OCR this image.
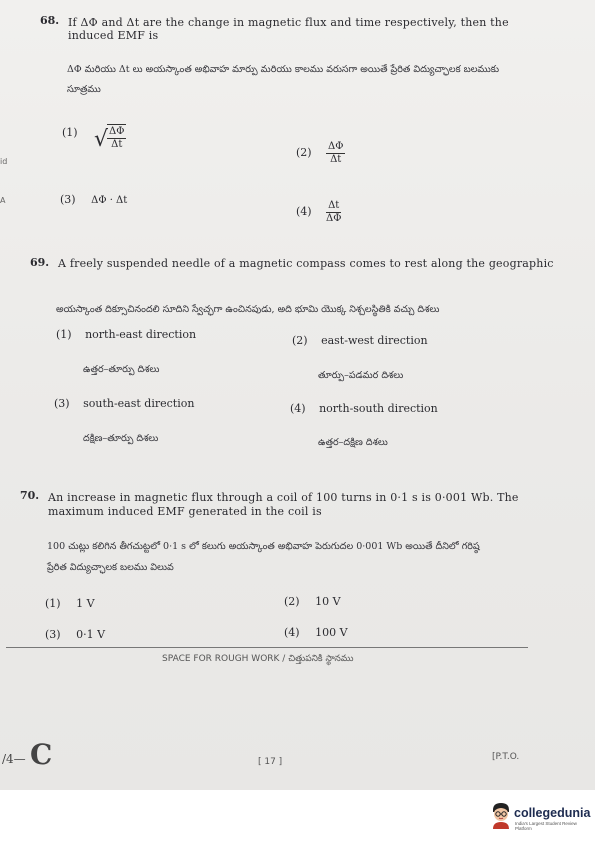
id
A
68. If ΔΦ and Δt are the change in magnetic flux and time respectively, then the
induced EMF is
ΔΦ మరియు Δt లు అయస్కాంత అభివాహ మార్పు మరియు కాలము వరుసగా అయితే ప్రేరిత విద్యుచ్ఛాలక బలముకు
సూత్రము
(1) √ $\frac{\Delta\Phi}{\Delta t}$
$(2) \frac{\Delta\Phi}{\Delta t}$
(3) ΔΦ · Δt
$(4) \frac{\Delta t}{\Delta\Phi}$
69. A freely suspended needle of a magnetic compass comes to rest along the geographic
అయస్కాంత దిక్సూచినందలి సూదిని స్వేచ్ఛగా ఉంచినపుడు, అది భూమి యొక్క నిశ్చలస్థితికి వచ్చు దిశలు
(1) north-east direction
ఉత్తర–తూర్పు దిశలు
(2) east-west direction
తూర్పు–పడమర దిశలు
(3) south-east direction
దక్షిణ–తూర్పు దిశలు
(4) north-south direction
ఉత్తర–దక్షిణ దిశలు
70. An increase in magnetic flux through a coil of 100 turns in 0·1 s is 0·001 Wb. The
maximum induced EMF generated in the coil is
100 చుట్లు కలిగిన తీగచుట్టలో 0·1 s లో కలుగు అయస్కాంత అభివాహ పెరుగుదల 0·001 Wb అయితే దీనిలో గరిష్ఠ
ప్రేరిత విద్యుచ్ఛాలక బలము విలువ
(1) 1 V	(2) 10 V
(3) 0·1 V	(4) 100 V
SPACE FOR ROUGH WORK / చిత్తుపనికి స్థానము
/4— C	[ 17 ]	[P.T.O.
collegedunia
India's Largest Student Review Platform
